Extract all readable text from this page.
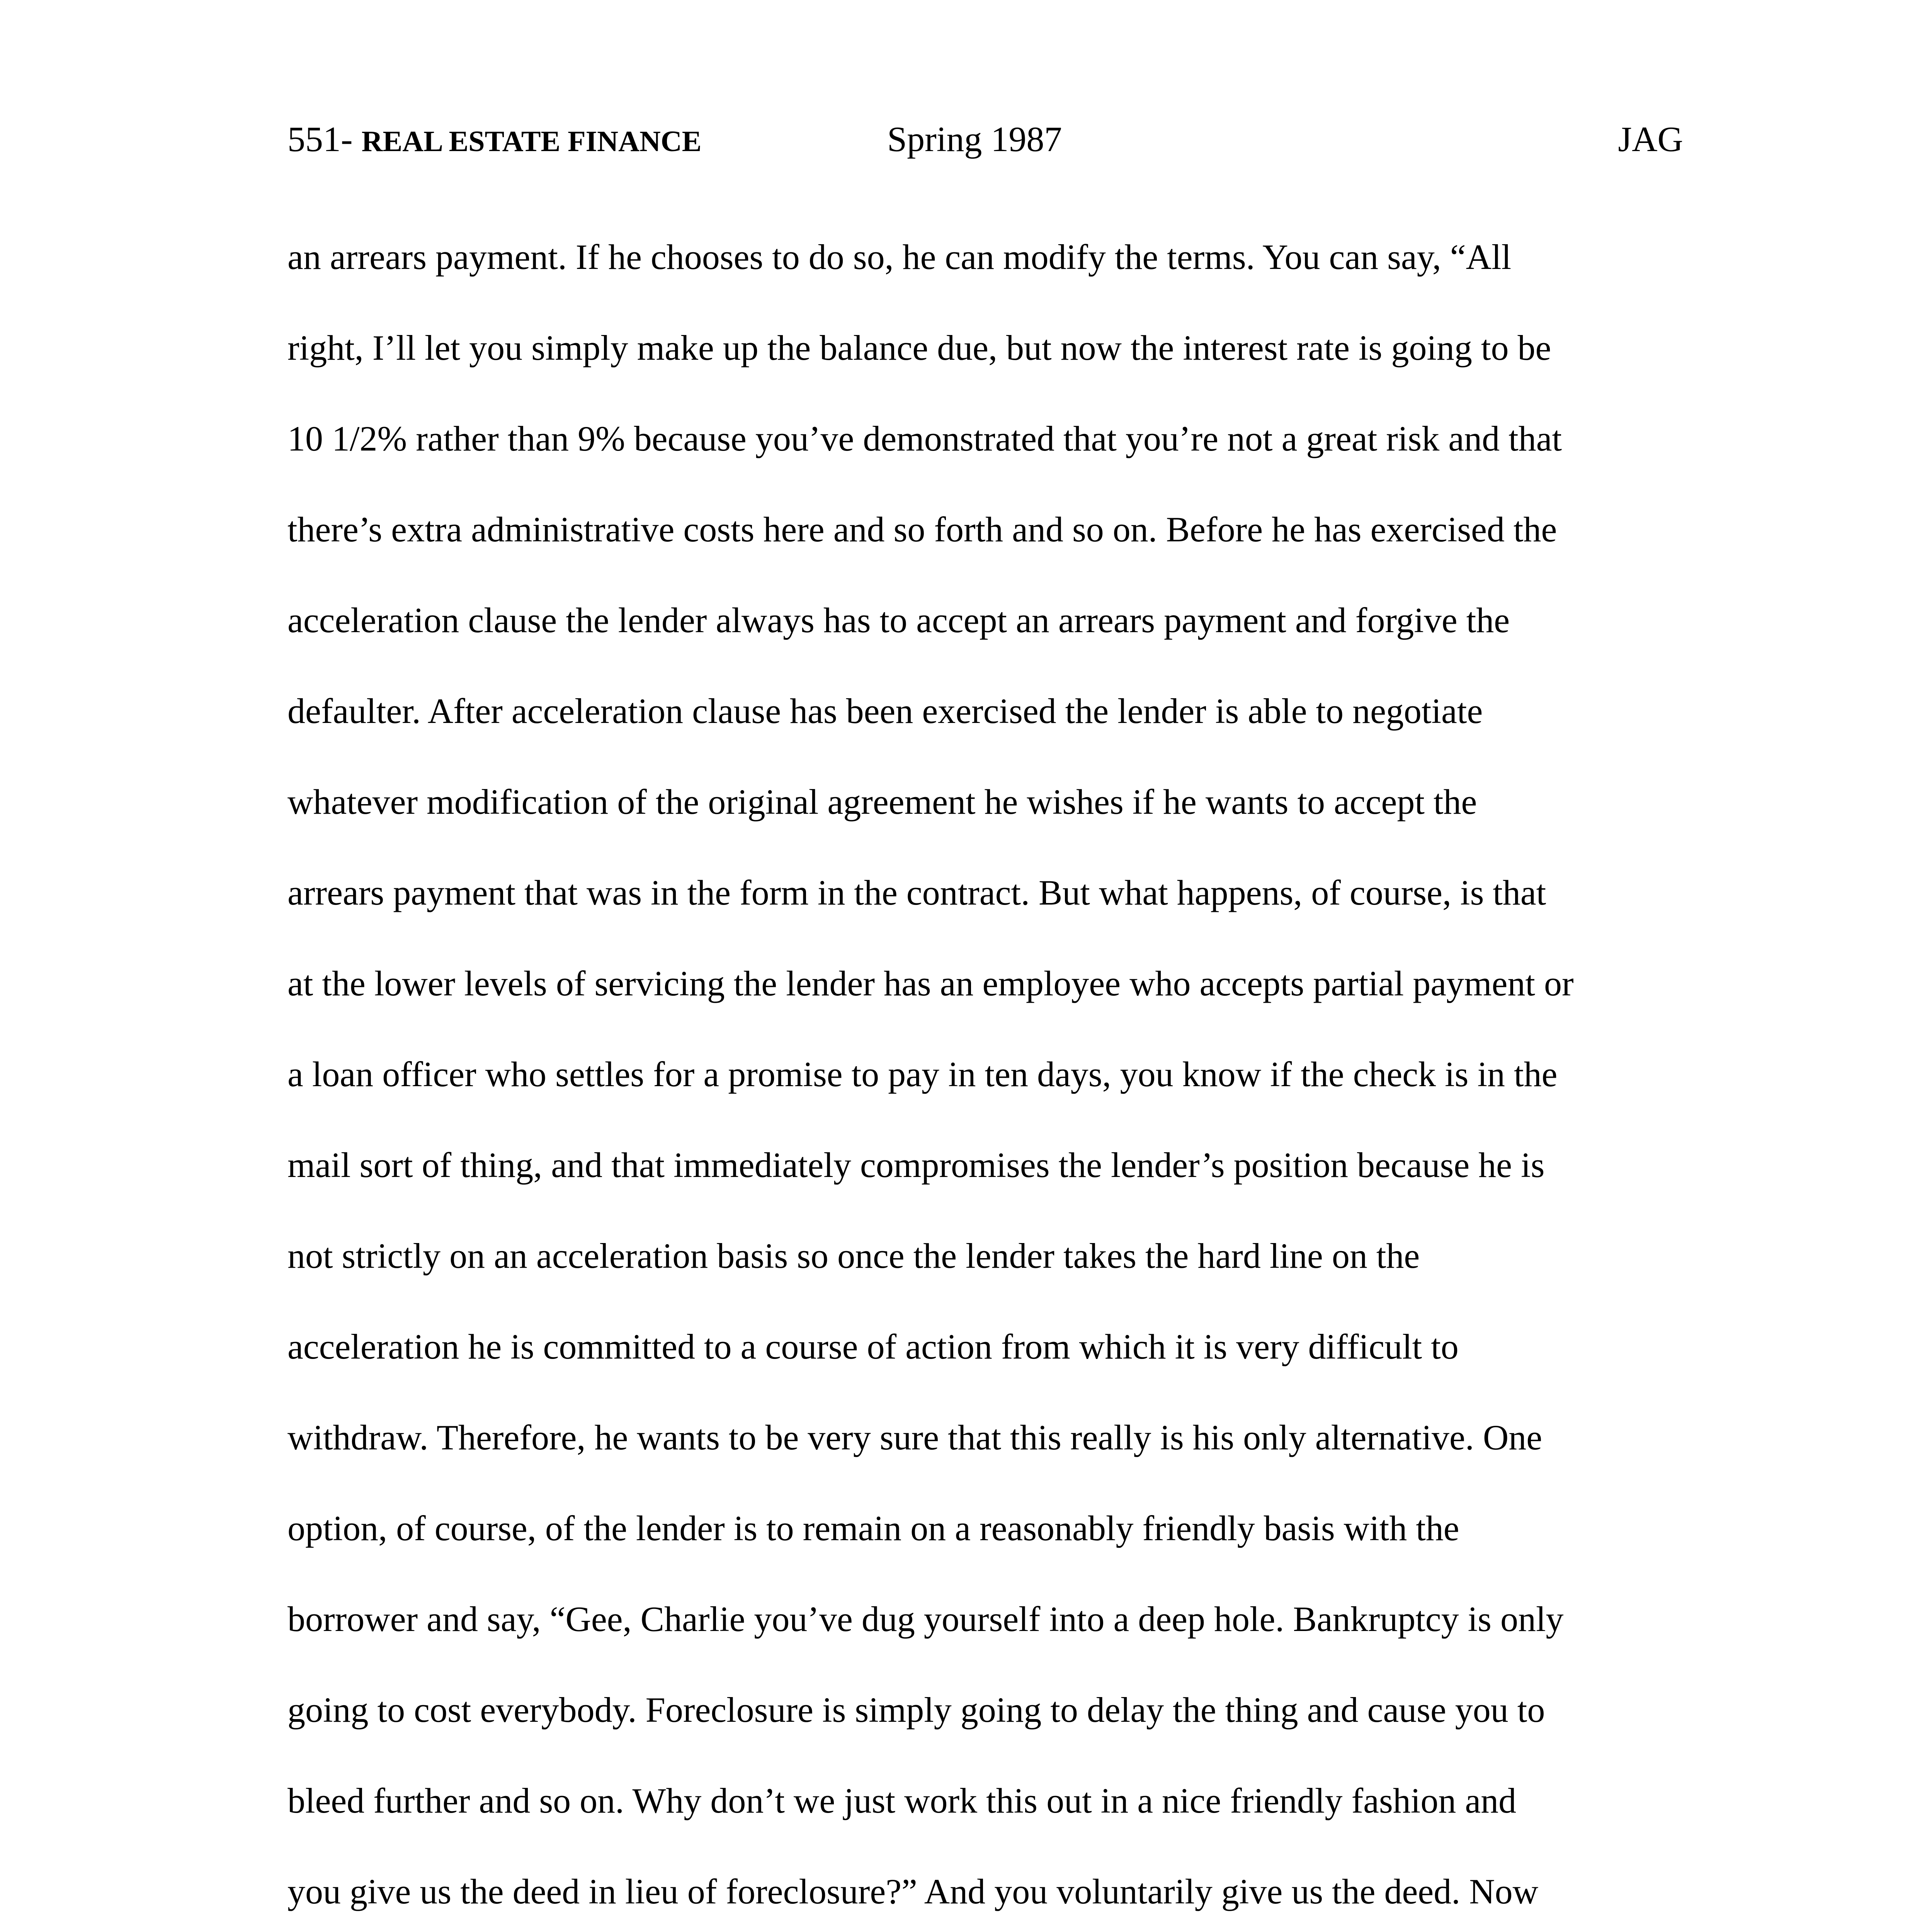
551- REAL ESTATE FINANCE	Spring 1987	JAG
an arrears payment. If he chooses to do so, he can modify the terms. You can say, “All
right, I’ll let you simply make up the balance due, but now the interest rate is going to be
10 1/2% rather than 9% because you’ve demonstrated that you’re not a great risk and that
there’s extra administrative costs here and so forth and so on. Before he has exercised the
acceleration clause the lender always has to accept an arrears payment and forgive the
defaulter. After acceleration clause has been exercised the lender is able to negotiate
whatever modification of the original agreement he wishes if he wants to accept the
arrears payment that was in the form in the contract. But what happens, of course, is that
at the lower levels of servicing the lender has an employee who accepts partial payment or
a loan officer who settles for a promise to pay in ten days, you know if the check is in the
mail sort of thing, and that immediately compromises the lender’s position because he is
not strictly on an acceleration basis so once the lender takes the hard line on the
acceleration he is committed to a course of action from which it is very difficult to
withdraw. Therefore, he wants to be very sure that this really is his only alternative. One
option, of course, of the lender is to remain on a reasonably friendly basis with the
borrower and say, “Gee, Charlie you’ve dug yourself into a deep hole. Bankruptcy is only
going to cost everybody. Foreclosure is simply going to delay the thing and cause you to
bleed further and so on. Why don’t we just work this out in a nice friendly fashion and
you give us the deed in lieu of foreclosure?” And you voluntarily give us the deed. Now
